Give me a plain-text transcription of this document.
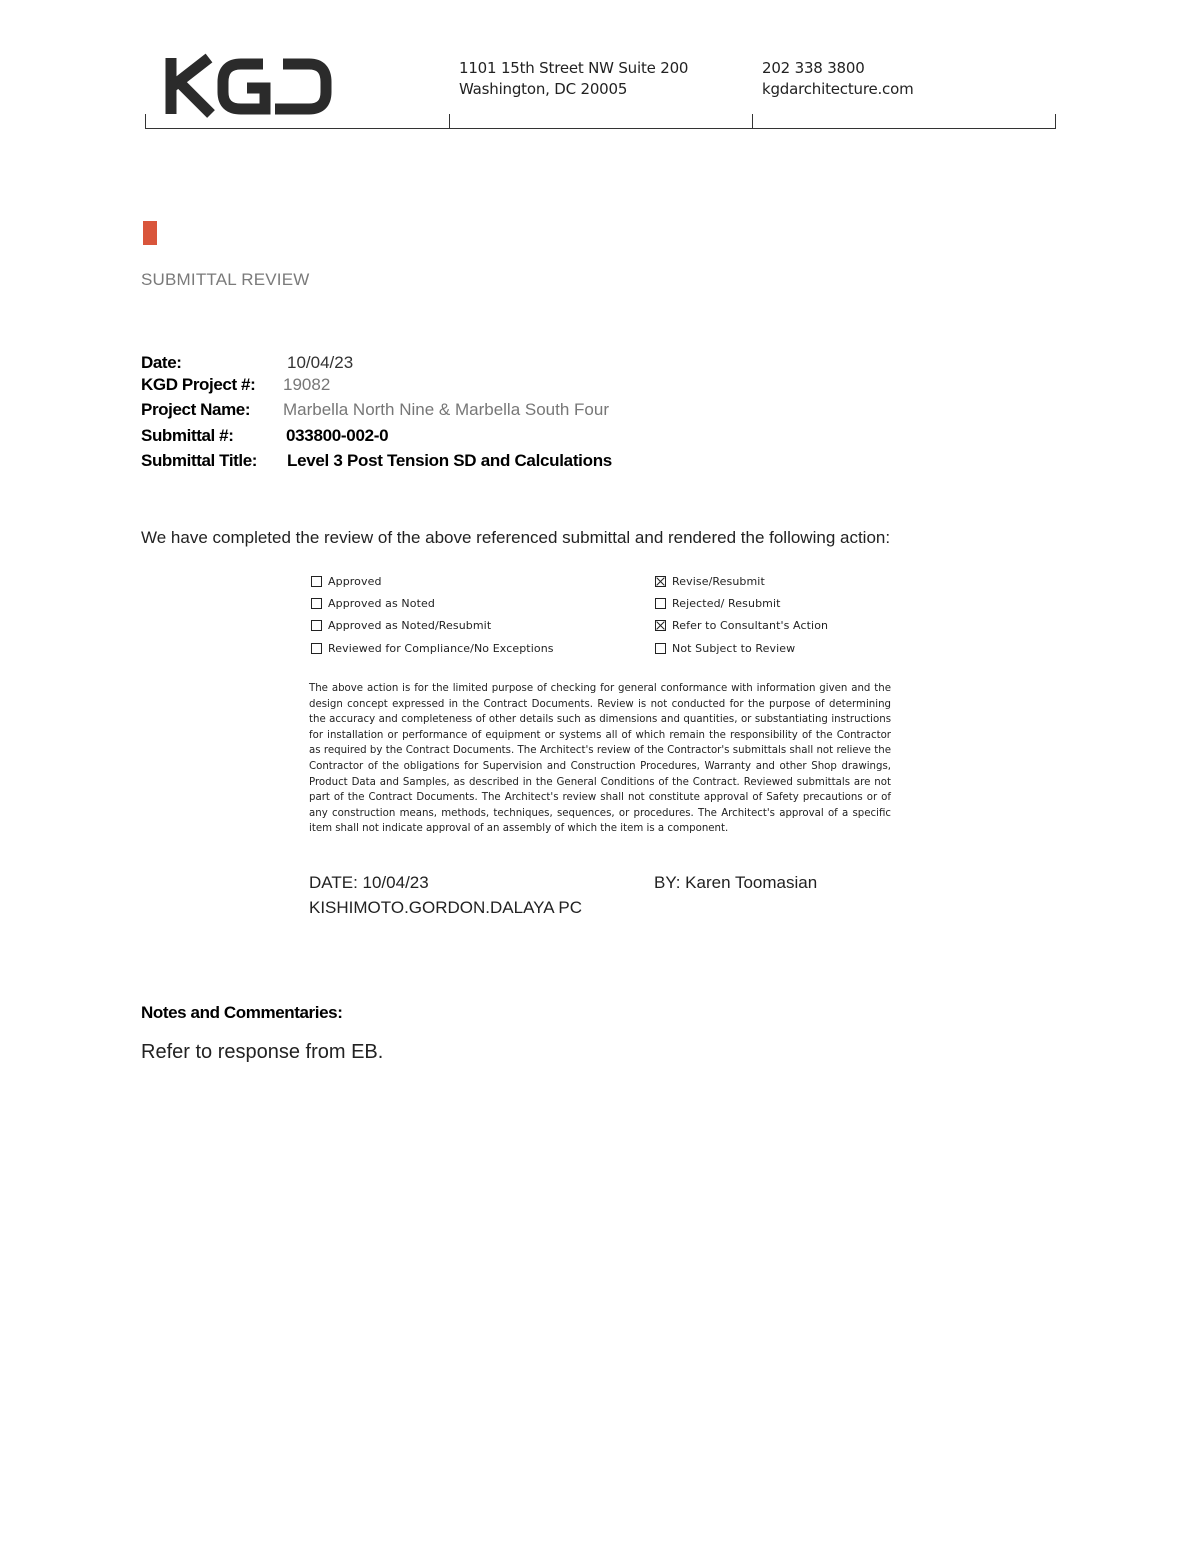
1101 15th Street NW Suite 200
Washington, DC 20005
202 338 3800
kgdarchitecture.com
SUBMITTAL REVIEW
Date:	10/04/23
KGD Project #: 19082
Project Name: Marbella North Nine & Marbella South Four
Submittal #:	033800-002-0
Submittal Title: Level 3 Post Tension SD and Calculations
We have completed the review of the above referenced submittal and rendered the following action:
Approved	Revise/Resubmit
Approved as Noted	Rejected/ Resubmit
Approved as Noted/Resubmit	Refer to Consultant's Action
Reviewed for Compliance/No Exceptions	Not Subject to Review
The above action is for the limited purpose of checking for general conformance with information given and the design concept expressed in the Contract Documents. Review is not conducted for the purpose of determining the accuracy and completeness of other details such as dimensions and quantities, or substantiating instructions for installation or performance of equipment or systems all of which remain the responsibility of the Contractor as required by the Contract Documents. The Architect's review of the Contractor's submittals shall not relieve the Contractor of the obligations for Supervision and Construction Procedures, Warranty and other Shop drawings, Product Data and Samples, as described in the General Conditions of the Contract. Reviewed submittals are not part of the Contract Documents. The Architect's review shall not constitute approval of Safety precautions or of any construction means, methods, techniques, sequences, or procedures. The Architect's approval of a specific item shall not indicate approval of an assembly of which the item is a component.
DATE: 10/04/23	BY: Karen Toomasian
KISHIMOTO.GORDON.DALAYA PC
Notes and Commentaries:
Refer to response from EB.
